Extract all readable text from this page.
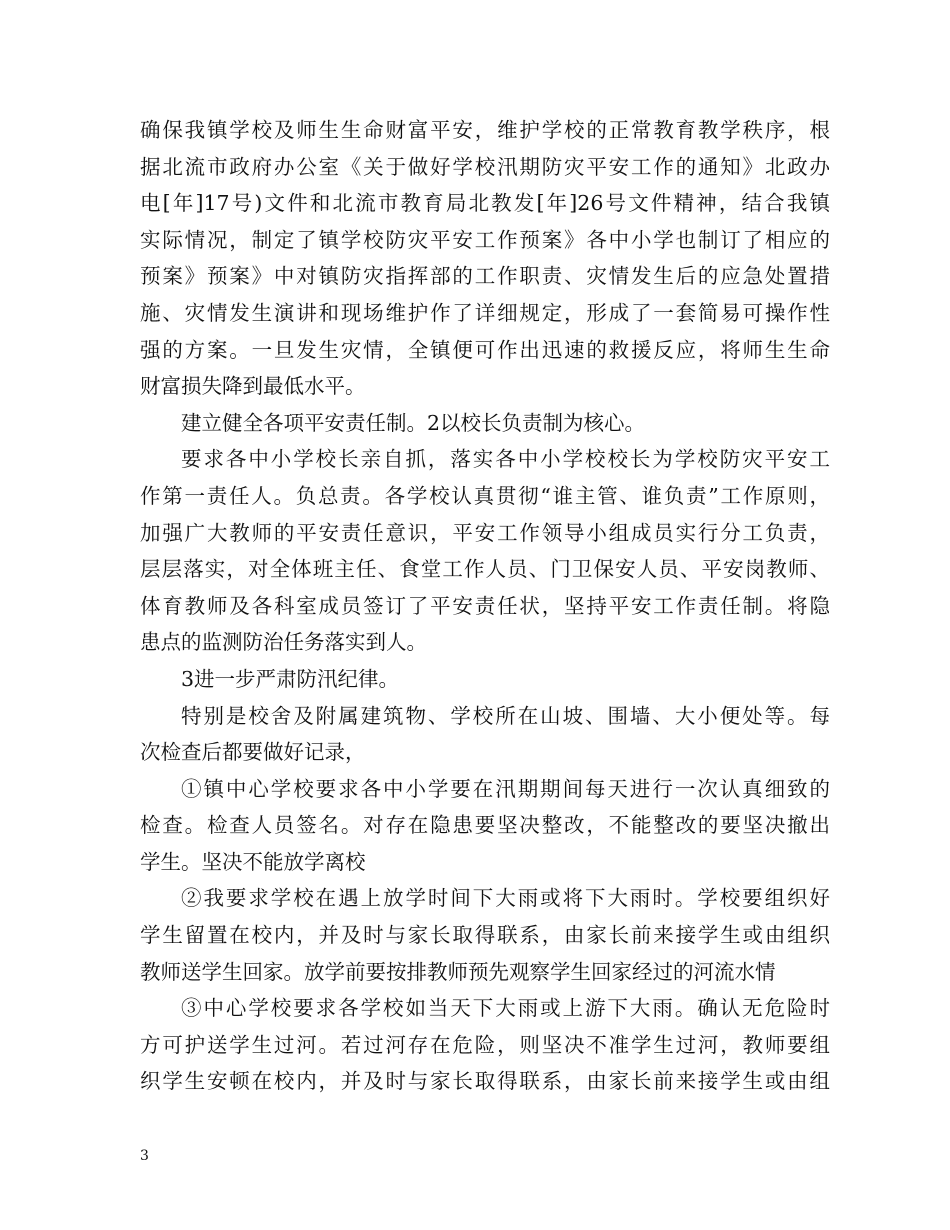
确保我镇学校及师生生命财富平安，维护学校的正常教育教学秩序，根
据北流市政府办公室《关于做好学校汛期防灾平安工作的通知》北政办
电[年]17号)文件和北流市教育局北教发[年]26号文件精神，结合我镇
实际情况，制定了镇学校防灾平安工作预案》各中小学也制订了相应的
预案》预案》中对镇防灾指挥部的工作职责、灾情发生后的应急处置措
施、灾情发生演讲和现场维护作了详细规定，形成了一套简易可操作性
强的方案。一旦发生灾情，全镇便可作出迅速的救援反应，将师生生命
财富损失降到最低水平。
建立健全各项平安责任制。2以校长负责制为核心。
要求各中小学校长亲自抓，落实各中小学校校长为学校防灾平安工
作第一责任人。负总责。各学校认真贯彻“谁主管、谁负责”工作原则，
加强广大教师的平安责任意识，平安工作领导小组成员实行分工负责，
层层落实，对全体班主任、食堂工作人员、门卫保安人员、平安岗教师、
体育教师及各科室成员签订了平安责任状，坚持平安工作责任制。将隐
患点的监测防治任务落实到人。
3进一步严肃防汛纪律。
特别是校舍及附属建筑物、学校所在山坡、围墙、大小便处等。每
次检查后都要做好记录，
①镇中心学校要求各中小学要在汛期期间每天进行一次认真细致的
检查。检查人员签名。对存在隐患要坚决整改，不能整改的要坚决撤出
学生。坚决不能放学离校
②我要求学校在遇上放学时间下大雨或将下大雨时。学校要组织好
学生留置在校内，并及时与家长取得联系，由家长前来接学生或由组织
教师送学生回家。放学前要按排教师预先观察学生回家经过的河流水情
③中心学校要求各学校如当天下大雨或上游下大雨。确认无危险时
方可护送学生过河。若过河存在危险，则坚决不准学生过河，教师要组
织学生安顿在校内，并及时与家长取得联系，由家长前来接学生或由组
3
